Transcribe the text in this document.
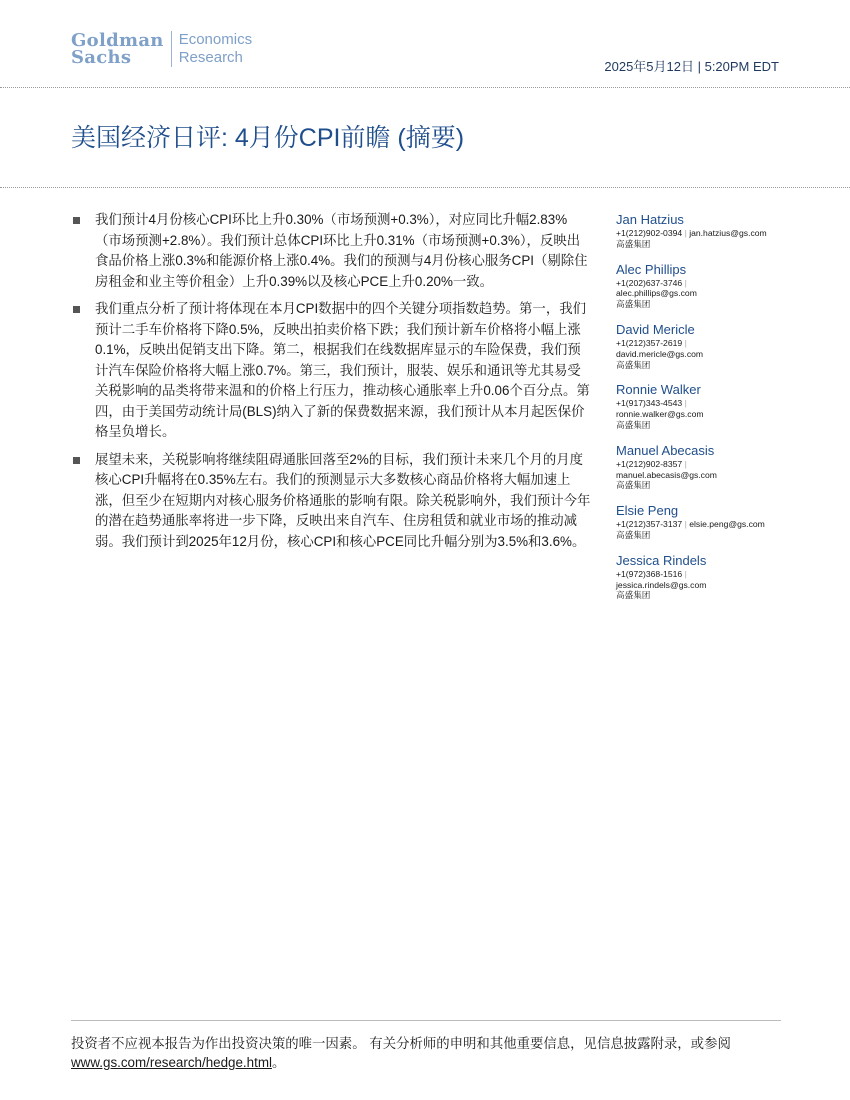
Goldman
Sachs
Economics
Research
2025年5月12日 | 5:20PM EDT
美国经济日评: 4月份CPI前瞻 (摘要)
我们预计4月份核心CPI环比上升0.30%（市场预测+0.3%），对应同比升幅2.83%（市场预测+2.8%）。我们预计总体CPI环比上升0.31%（市场预测+0.3%），反映出食品价格上涨0.3%和能源价格上涨0.4%。我们的预测与4月份核心服务CPI（剔除住房租金和业主等价租金）上升0.39%以及核心PCE上升0.20%一致。
我们重点分析了预计将体现在本月CPI数据中的四个关键分项指数趋势。第一，我们预计二手车价格将下降0.5%，反映出拍卖价格下跌；我们预计新车价格将小幅上涨0.1%，反映出促销支出下降。第二，根据我们在线数据库显示的车险保费，我们预计汽车保险价格将大幅上涨0.7%。第三，我们预计，服装、娱乐和通讯等尤其易受关税影响的品类将带来温和的价格上行压力，推动核心通胀率上升0.06个百分点。第四，由于美国劳动统计局(BLS)纳入了新的保费数据来源，我们预计从本月起医保价格呈负增长。
展望未来，关税影响将继续阻碍通胀回落至2%的目标，我们预计未来几个月的月度核心CPI升幅将在0.35%左右。我们的预测显示大多数核心商品价格将大幅加速上涨，但至少在短期内对核心服务价格通胀的影响有限。除关税影响外，我们预计今年的潜在趋势通胀率将进一步下降，反映出来自汽车、住房租赁和就业市场的推动减弱。我们预计到2025年12月份，核心CPI和核心PCE同比升幅分别为3.5%和3.6%。
Jan Hatzius
+1(212)902-0394 | jan.hatzius@gs.com
高盛集团
Alec Phillips
+1(202)637-3746 |
alec.phillips@gs.com
高盛集团
David Mericle
+1(212)357-2619 |
david.mericle@gs.com
高盛集团
Ronnie Walker
+1(917)343-4543 |
ronnie.walker@gs.com
高盛集团
Manuel Abecasis
+1(212)902-8357 |
manuel.abecasis@gs.com
高盛集团
Elsie Peng
+1(212)357-3137 | elsie.peng@gs.com
高盛集团
Jessica Rindels
+1(972)368-1516 |
jessica.rindels@gs.com
高盛集团
投资者不应视本报告为作出投资决策的唯一因素。 有关分析师的申明和其他重要信息，见信息披露附录，或参阅
www.gs.com/research/hedge.html。
